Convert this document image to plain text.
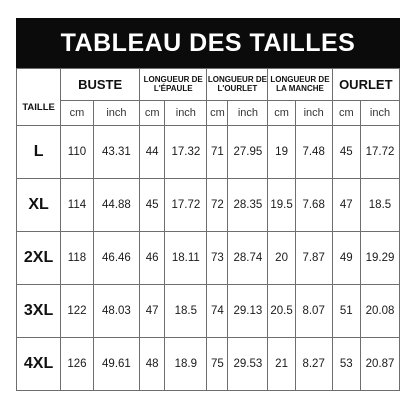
TABLEAU DES TAILLES
TAILLE	BUSTE		LONGUEUR DE L'ÉPAULE		LONGUEUR DE L'OURLET		LONGUEUR DE LA MANCHE		OURLET	
	cm	inch	cm	inch	cm	inch	cm	inch	cm	inch
L	110	43.31	44	17.32	71	27.95	19	7.48	45	17.72
XL	114	44.88	45	17.72	72	28.35	19.5	7.68	47	18.5
2XL	118	46.46	46	18.11	73	28.74	20	7.87	49	19.29
3XL	122	48.03	47	18.5	74	29.13	20.5	8.07	51	20.08
4XL	126	49.61	48	18.9	75	29.53	21	8.27	53	20.87
